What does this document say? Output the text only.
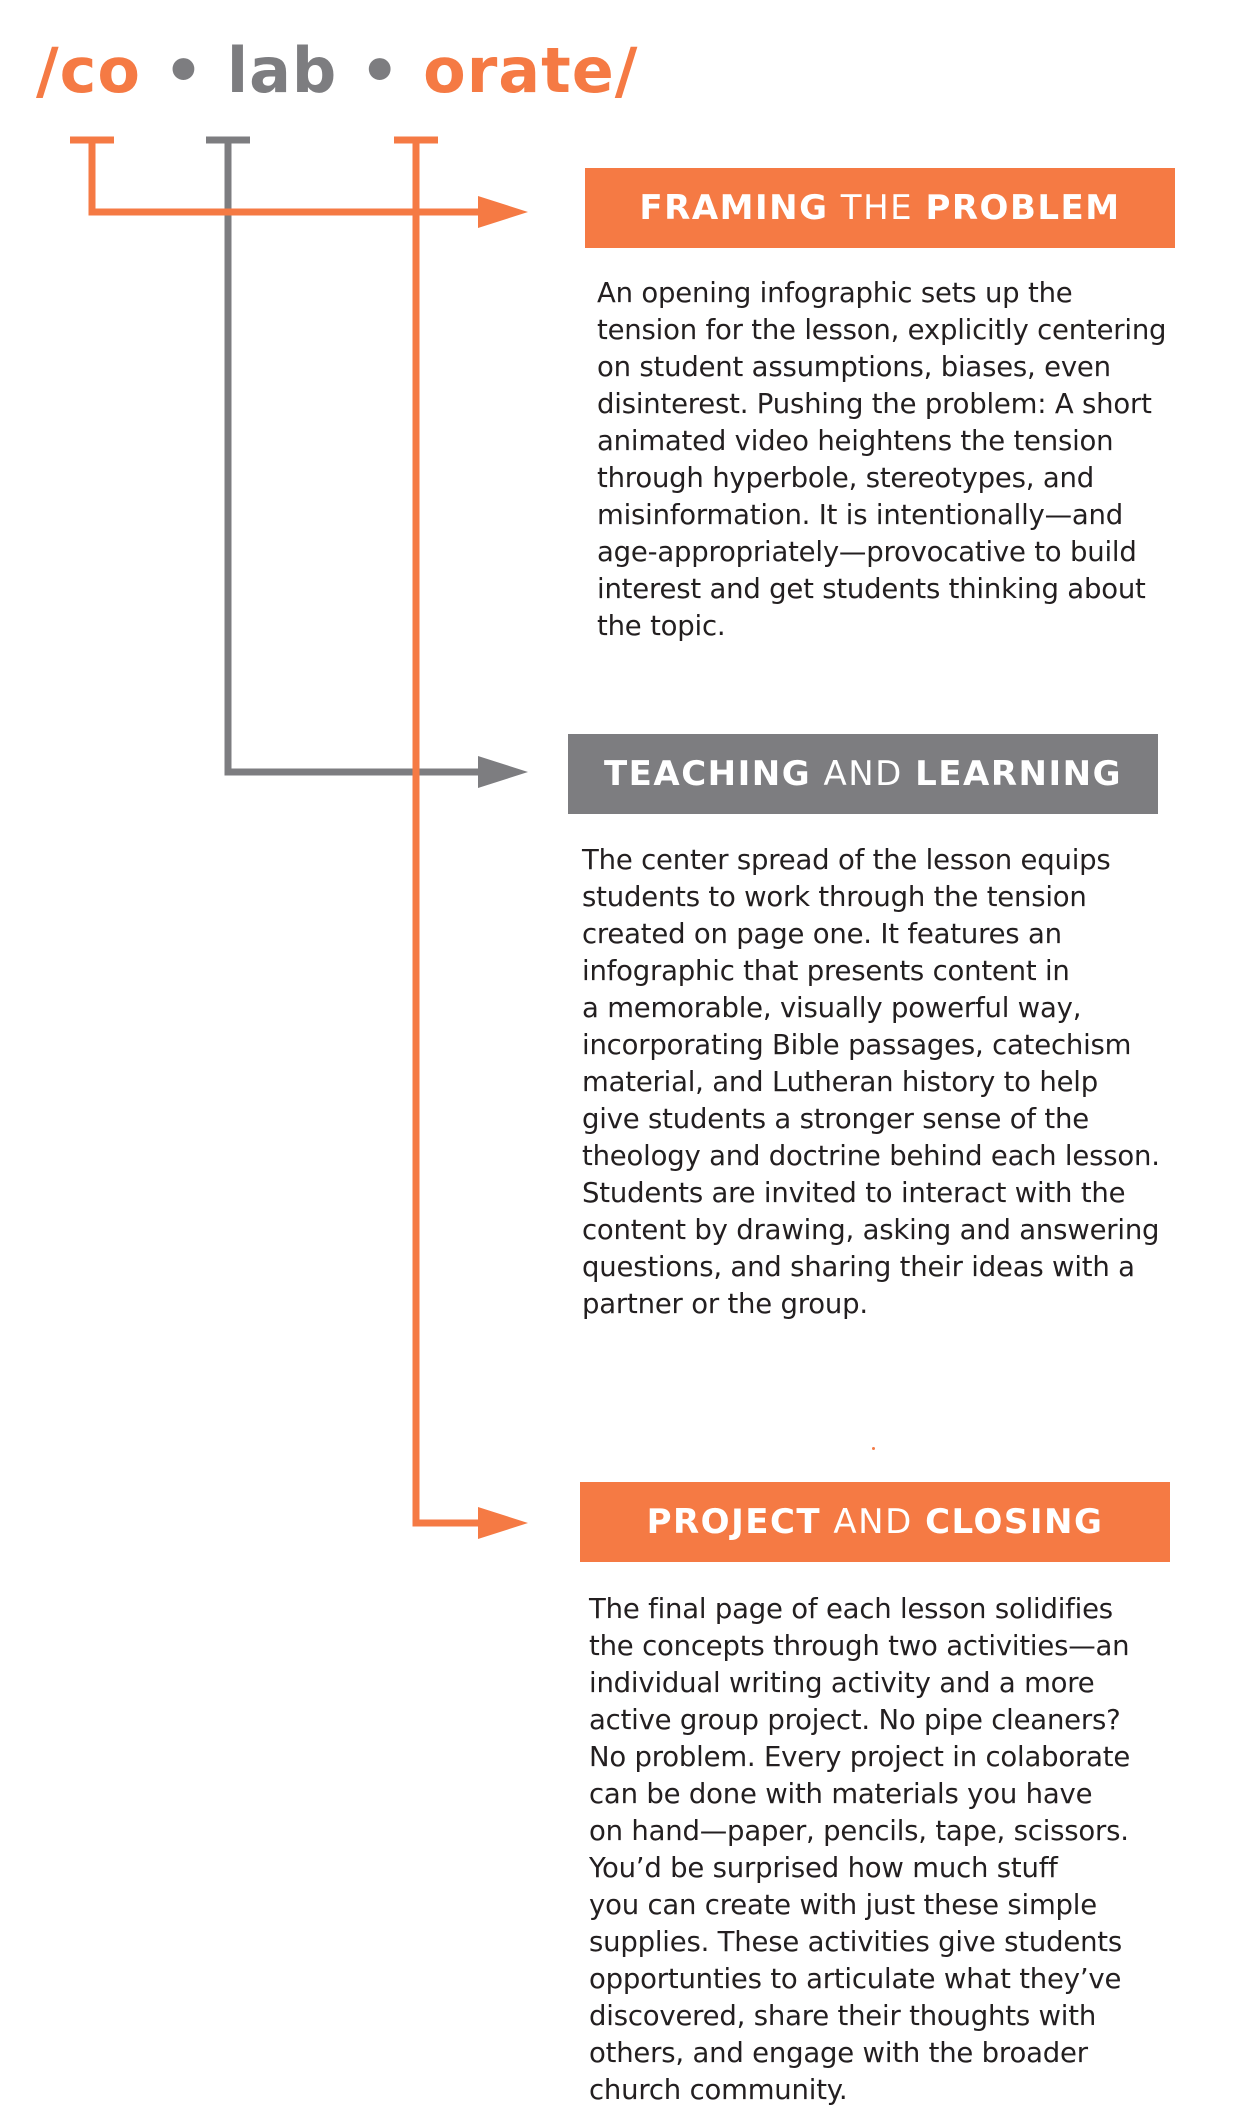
/co • lab • orate/
FRAMING
THE
PROBLEM

An opening infographic sets up the
tension for the lesson, explicitly centering
on student assumptions, biases, even
disinterest. Pushing the problem: A short
animated video heightens the tension
through hyperbole, stereotypes, and
misinformation. It is intentionally—and
age-appropriately—provocative to build
interest and get students thinking about
the topic.

TEACHING
AND
LEARNING

The center spread of the lesson equips
students to work through the tension
created on page one. It features an
infographic that presents content in
a memorable, visually powerful way,
incorporating Bible passages, catechism
material, and Lutheran history to help
give students a stronger sense of the
theology and doctrine behind each lesson.
Students are invited to interact with the
content by drawing, asking and answering
questions, and sharing their ideas with a
partner or the group.

PROJECT
AND
CLOSING

The final page of each lesson solidifies
the concepts through two activities—an
individual writing activity and a more
active group project. No pipe cleaners?
No problem. Every project in colaborate
can be done with materials you have
on hand—paper, pencils, tape, scissors.
You’d be surprised how much stuff
you can create with just these simple
supplies. These activities give students
opportunties to articulate what they’ve
discovered, share their thoughts with
others, and engage with the broader
church community.
